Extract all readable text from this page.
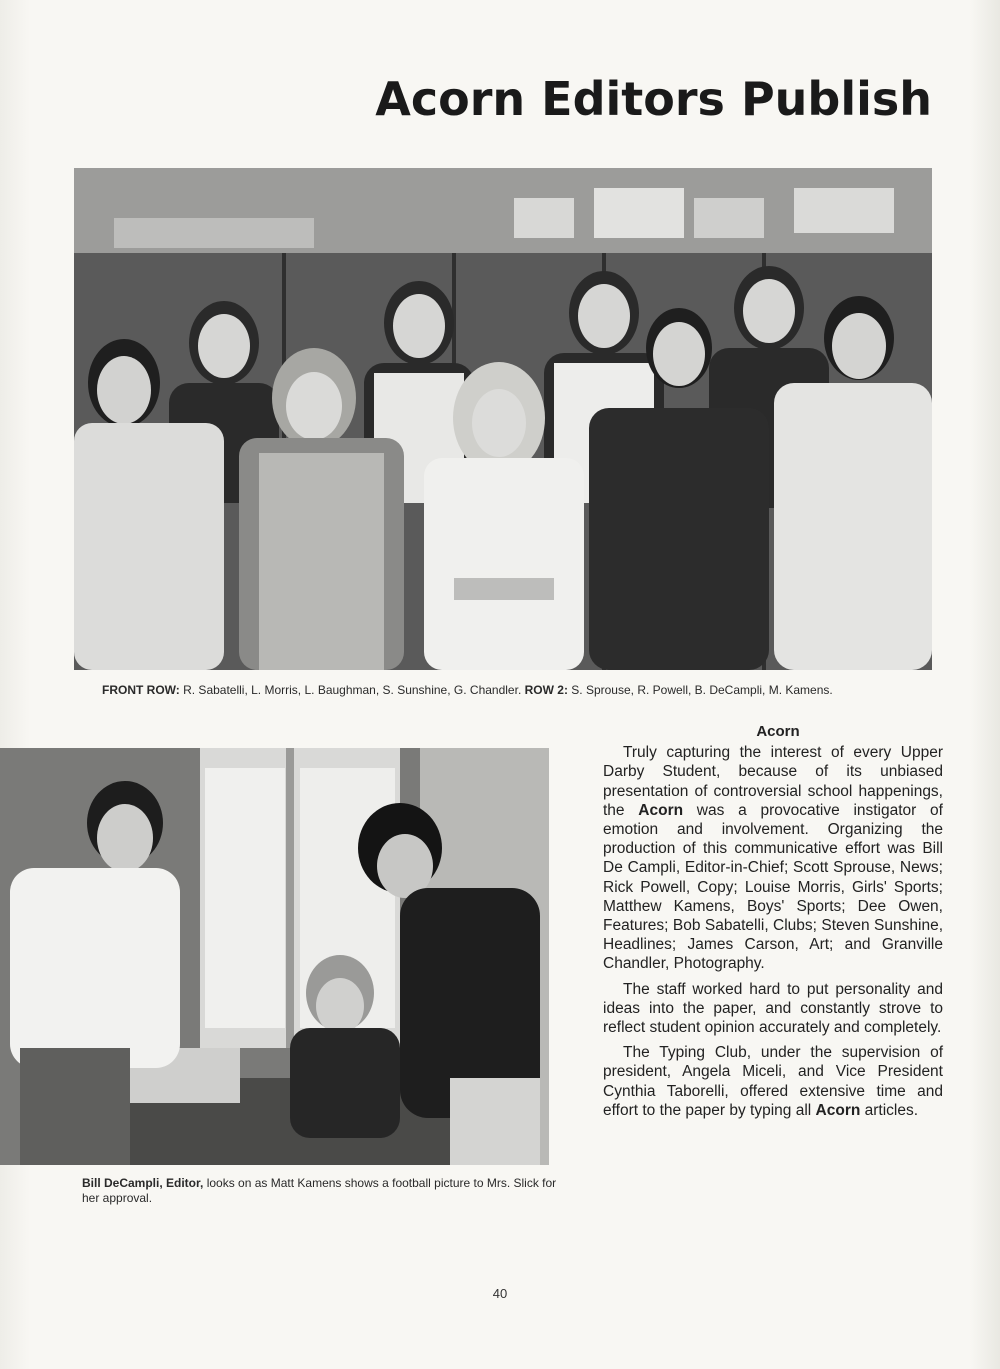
Acorn Editors Publish
FRONT ROW: R. Sabatelli, L. Morris, L. Baughman, S. Sunshine, G. Chandler. ROW 2: S. Sprouse, R. Powell, B. DeCampli, M. Kamens.
Bill DeCampli, Editor, looks on as Matt Kamens shows a football picture to Mrs. Slick for her approval.
Acorn

Truly capturing the interest of every Upper Darby Student, because of its unbiased presentation of controversial school happenings, the Acorn was a provocative instigator of emotion and involvement. Organizing the production of this communicative effort was Bill De Campli, Editor-in-Chief; Scott Sprouse, News; Rick Powell, Copy; Louise Morris, Girls' Sports; Matthew Kamens, Boys' Sports; Dee Owen, Features; Bob Sabatelli, Clubs; Steven Sunshine, Headlines; James Carson, Art; and Granville Chandler, Photography.

The staff worked hard to put personality and ideas into the paper, and constantly strove to reflect student opinion accurately and completely.

The Typing Club, under the supervision of president, Angela Miceli, and Vice President Cynthia Taborelli, offered extensive time and effort to the paper by typing all Acorn articles.

40
